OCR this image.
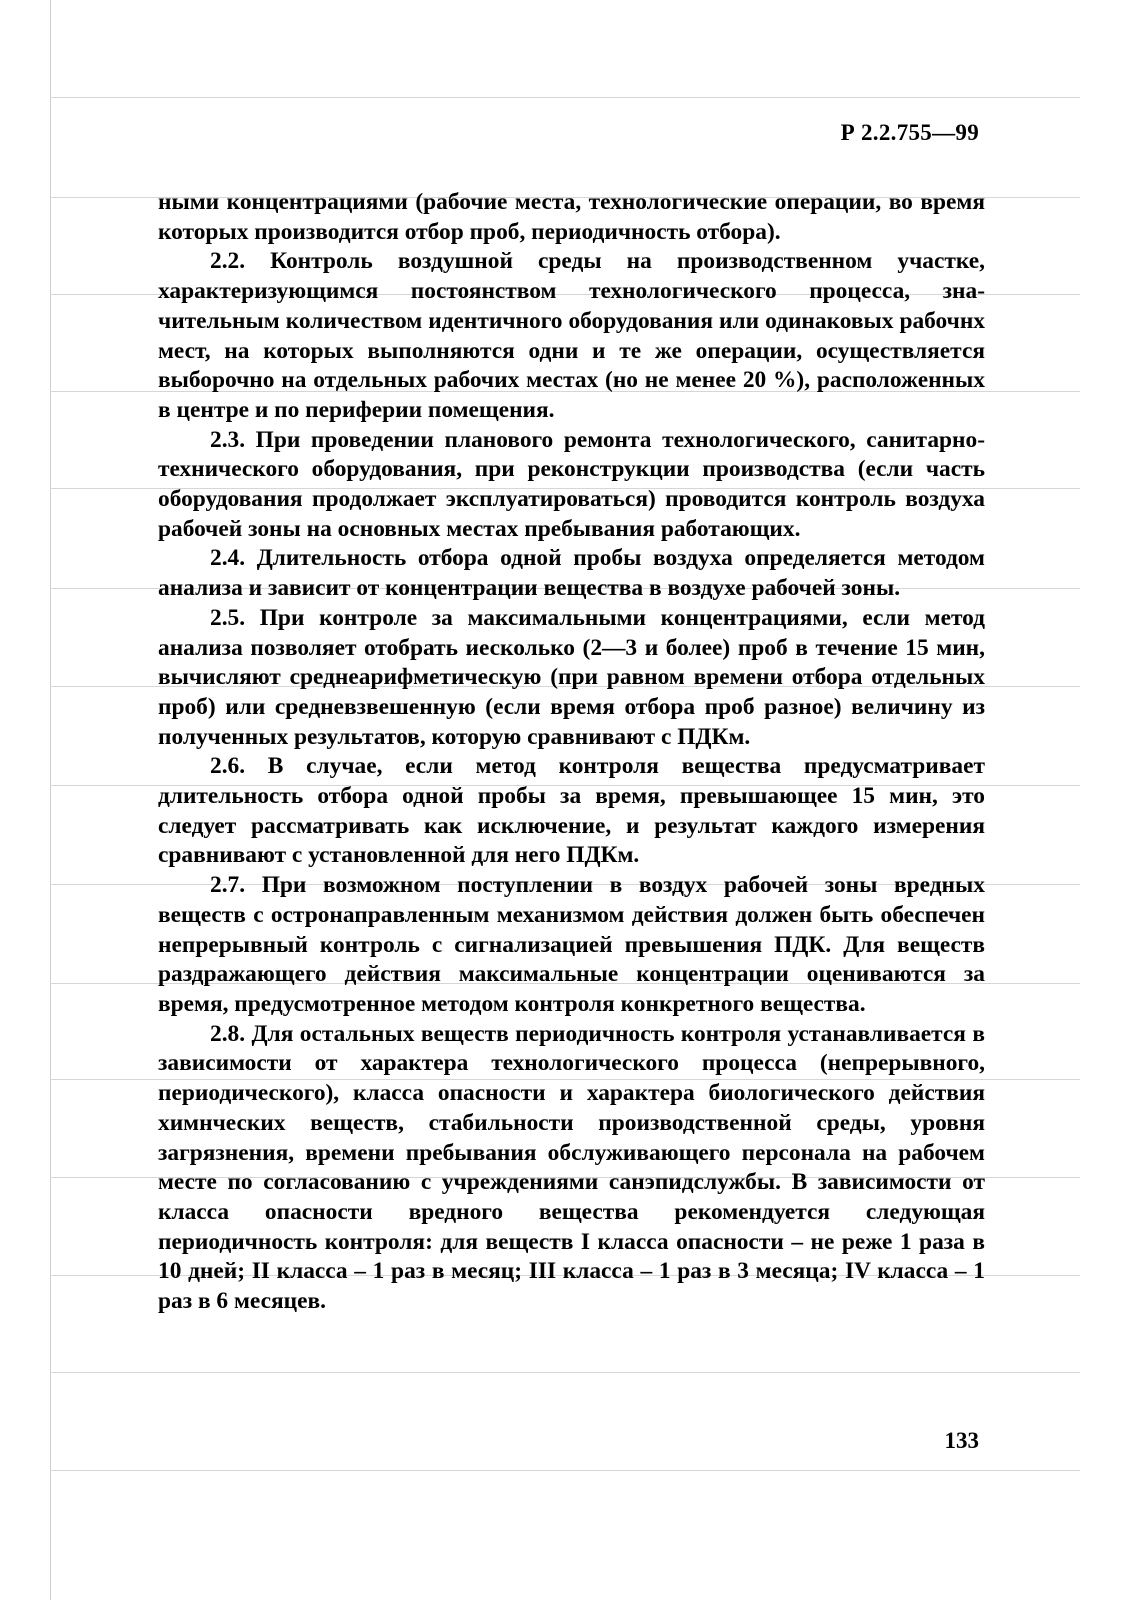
Р 2.2.755—99

ными концентрациями (рабочие места, технологические операции, во время которых производится отбор проб, периодичность отбора).

2.2. Контроль воздушной среды на производственном участке, характеризующимся постоянством технологического процесса, значительным количеством идентичного оборудования или одинаковых рабочнх мест, на которых выполняются одни и те же операции, осуществляется выборочно на отдельных рабочих местах (но не менее 20 %), расположенных в центре и по периферии помещения.

2.3. При проведении планового ремонта технологического, санитарно-технического оборудования, при реконструкции производства (если часть оборудования продолжает эксплуатироваться) проводится контроль воздуха рабочей зоны на основных местах пребывания работающих.

2.4. Длительность отбора одной пробы воздуха определяется методом анализа и зависит от концентрации вещества в воздухе рабочей зоны.

2.5. При контроле за максимальными концентрациями, если метод анализа позволяет отобрать иесколько (2—3 и более) проб в течение 15 мин, вычисляют среднеарифметическую (при равном времени отбора отдельных проб) или средневзвешенную (если время отбора проб разное) величину из полученных результатов, которую сравнивают с ПДКм.

2.6. В случае, если метод контроля вещества предусматривает длительность отбора одной пробы за время, превышающее 15 мин, это следует рассматривать как исключение, и результат каждого измерения сравнивают с установленной для него ПДКм.

2.7. При возможном поступлении в воздух рабочей зоны вредных веществ с остронаправленным механизмом действия должен быть обеспечен непрерывный контроль с сигнализацией превышения ПДК. Для веществ раздражающего действия максимальные концентрации оцениваются за время, предусмотренное методом контроля конкретного вещества.

2.8. Для остальных веществ периодичность контроля устанавливается в зависимости от характера технологического процесса (непрерывного, периодического), класса опасности и характера биологического действия химнческих веществ, стабильности производственной среды, уровня загрязнения, времени пребывания обслуживающего персонала на рабочем месте по согласованию с учреждениями санэпидслужбы. В зависимости от класса опасности вредного вещества рекомендуется следующая периодичность контроля: для веществ I класса опасности – не реже 1 раза в 10 дней; II класса – 1 раз в месяц; III класса – 1 раз в 3 месяца; IV класса – 1 раз в 6 месяцев.

133
